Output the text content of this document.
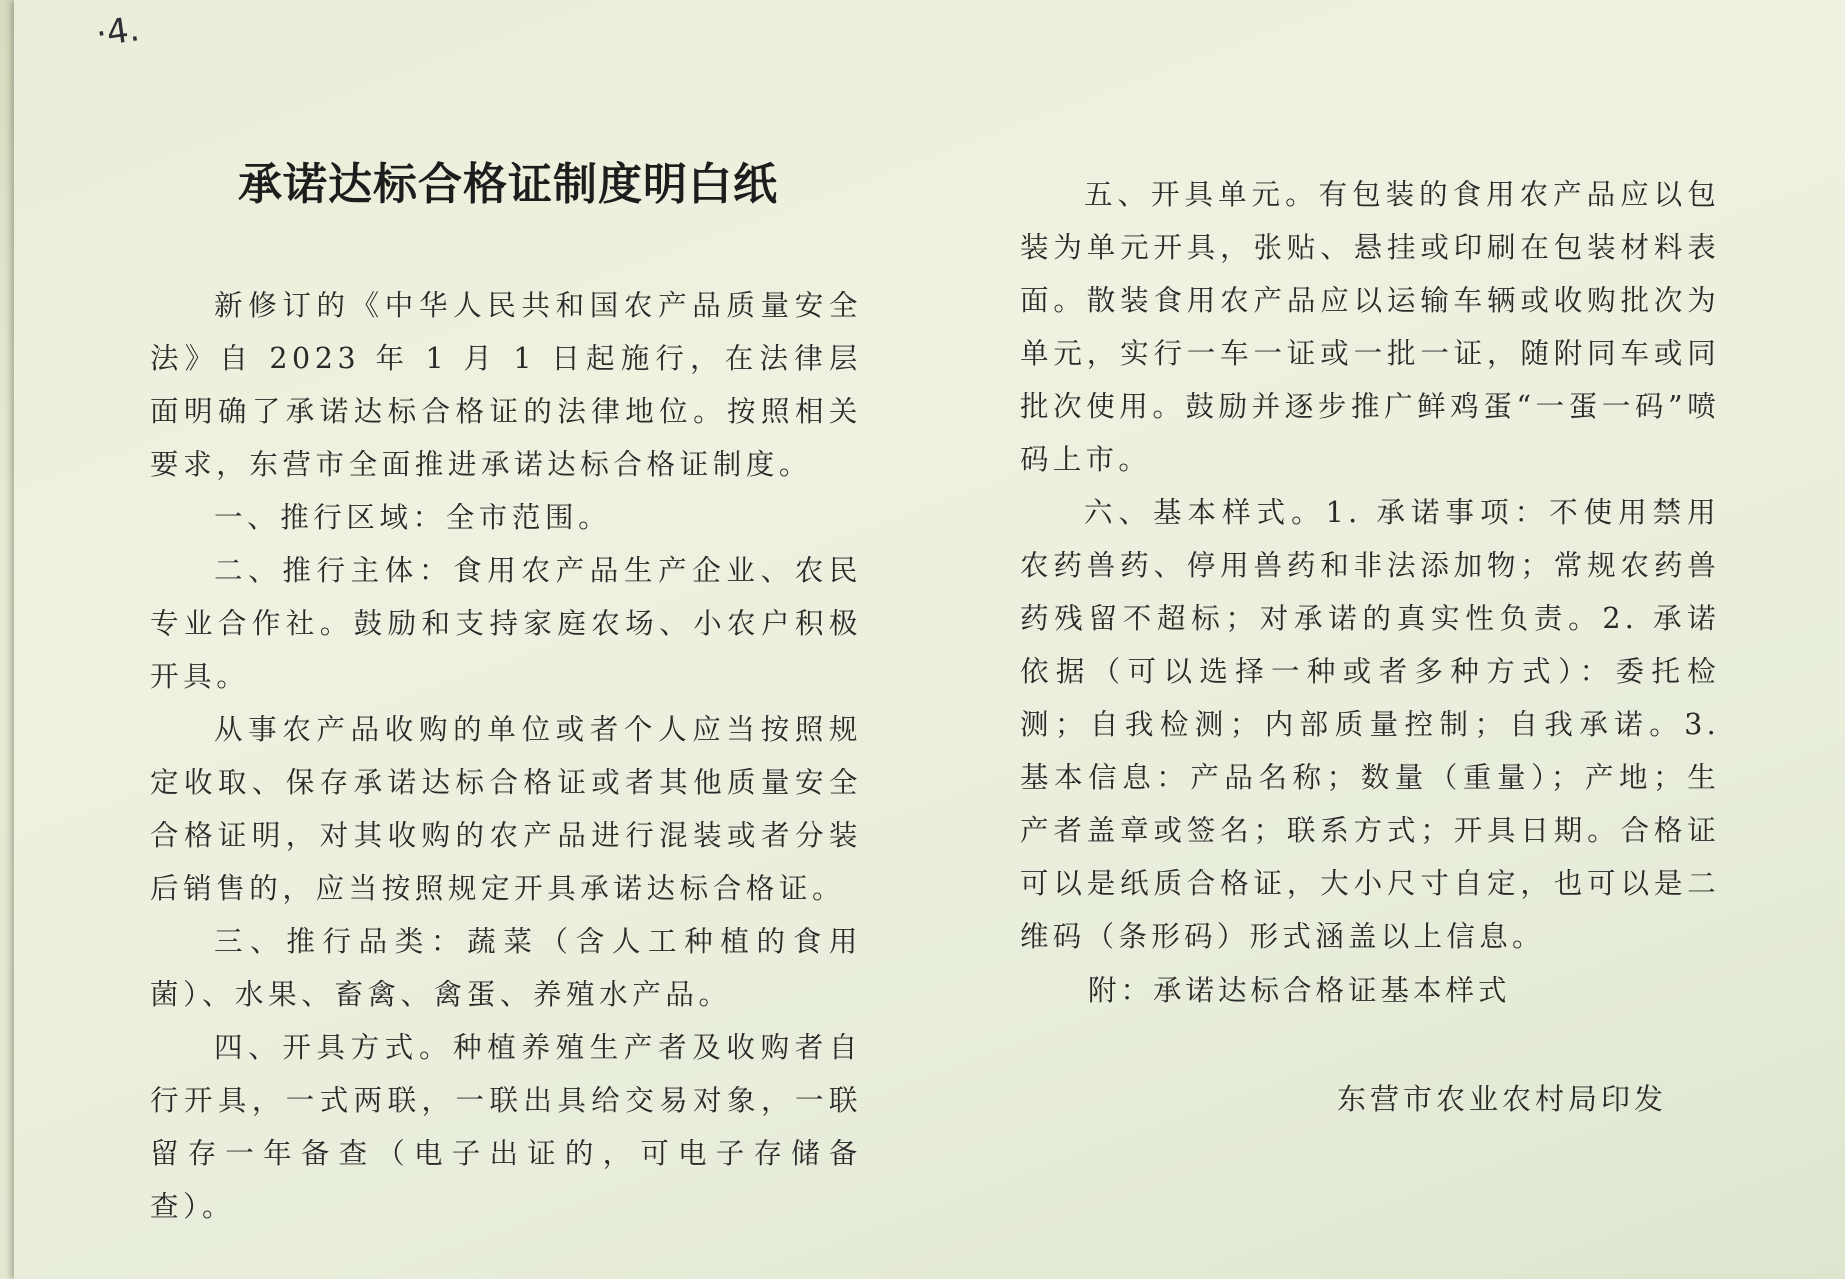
·4.
承诺达标合格证制度明白纸

新修订的《中华人民共和国农产品质量安全法》自 2023 年 1 月 1 日起施行，在法律层面明确了承诺达标合格证的法律地位。按照相关要求，东营市全面推进承诺达标合格证制度。

一、推行区域：全市范围。

二、推行主体：食用农产品生产企业、农民专业合作社。鼓励和支持家庭农场、小农户积极开具。

从事农产品收购的单位或者个人应当按照规定收取、保存承诺达标合格证或者其他质量安全合格证明，对其收购的农产品进行混装或者分装后销售的，应当按照规定开具承诺达标合格证。

三、推行品类：蔬菜（含人工种植的食用菌）、水果、畜禽、禽蛋、养殖水产品。

四、开具方式。种植养殖生产者及收购者自行开具，一式两联，一联出具给交易对象，一联留存一年备查（电子出证的，可电子存储备查）。

五、开具单元。有包装的食用农产品应以包装为单元开具，张贴、悬挂或印刷在包装材料表面。散装食用农产品应以运输车辆或收购批次为单元，实行一车一证或一批一证，随附同车或同批次使用。鼓励并逐步推广鲜鸡蛋“一蛋一码”喷码上市。

六、基本样式。1. 承诺事项：不使用禁用农药兽药、停用兽药和非法添加物；常规农药兽药残留不超标；对承诺的真实性负责。2. 承诺依据（可以选择一种或者多种方式）：委托检测；自我检测；内部质量控制；自我承诺。3. 基本信息：产品名称；数量（重量）；产地；生产者盖章或签名；联系方式；开具日期。合格证可以是纸质合格证，大小尺寸自定，也可以是二维码（条形码）形式涵盖以上信息。

附：承诺达标合格证基本样式
东营市农业农村局印发
